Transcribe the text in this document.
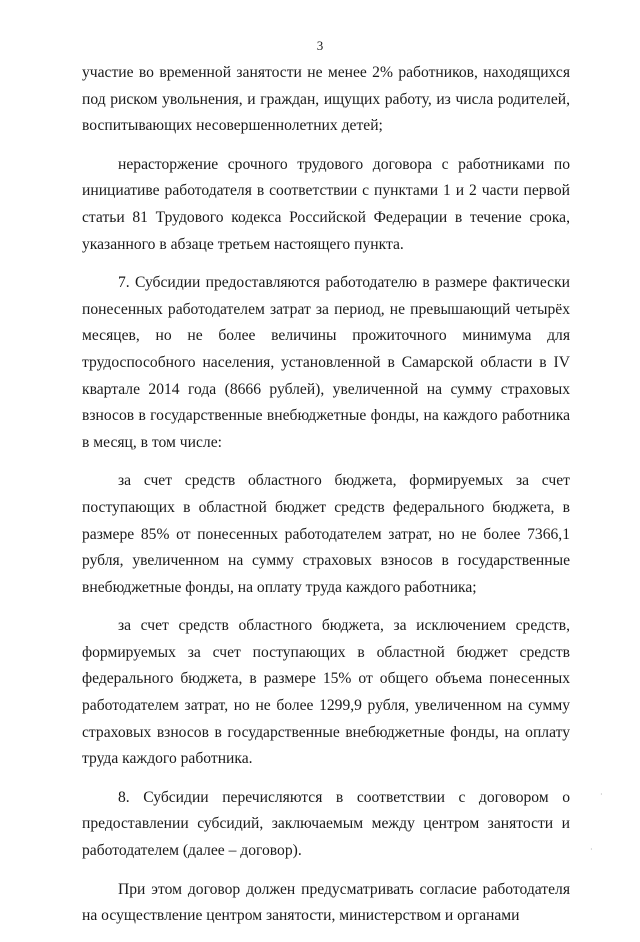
3

участие во временной занятости не менее 2% работников, находящихся под риском увольнения, и граждан, ищущих работу, из числа родителей, воспитывающих несовершеннолетних детей;

нерасторжение срочного трудового договора с работниками по инициативе работодателя в соответствии с пунктами 1 и 2 части первой статьи 81 Трудового кодекса Российской Федерации в течение срока, указанного в абзаце третьем настоящего пункта.

7. Субсидии предоставляются работодателю в размере фактически понесенных работодателем затрат за период, не превышающий четырёх месяцев, но не более величины прожиточного минимума для трудоспособного населения, установленной в Самарской области в IV квартале 2014 года (8666 рублей), увеличенной на сумму страховых взносов в государственные внебюджетные фонды, на каждого работника в месяц, в том числе:

за счет средств областного бюджета, формируемых за счет поступающих в областной бюджет средств федерального бюджета, в размере 85% от понесенных работодателем затрат, но не более 7366,1 рубля, увеличенном на сумму страховых взносов в государственные внебюджетные фонды, на оплату труда каждого работника;

за счет средств областного бюджета, за исключением средств, формируемых за счет поступающих в областной бюджет средств федерального бюджета, в размере 15% от общего объема понесенных работодателем затрат, но не более 1299,9 рубля, увеличенном на сумму страховых взносов в государственные внебюджетные фонды, на оплату труда каждого работника.

8. Субсидии перечисляются в соответствии с договором о предоставлении субсидий, заключаемым между центром занятости и работодателем (далее – договор).

При этом договор должен предусматривать согласие работодателя на осуществление центром занятости, министерством и органами

·
·
